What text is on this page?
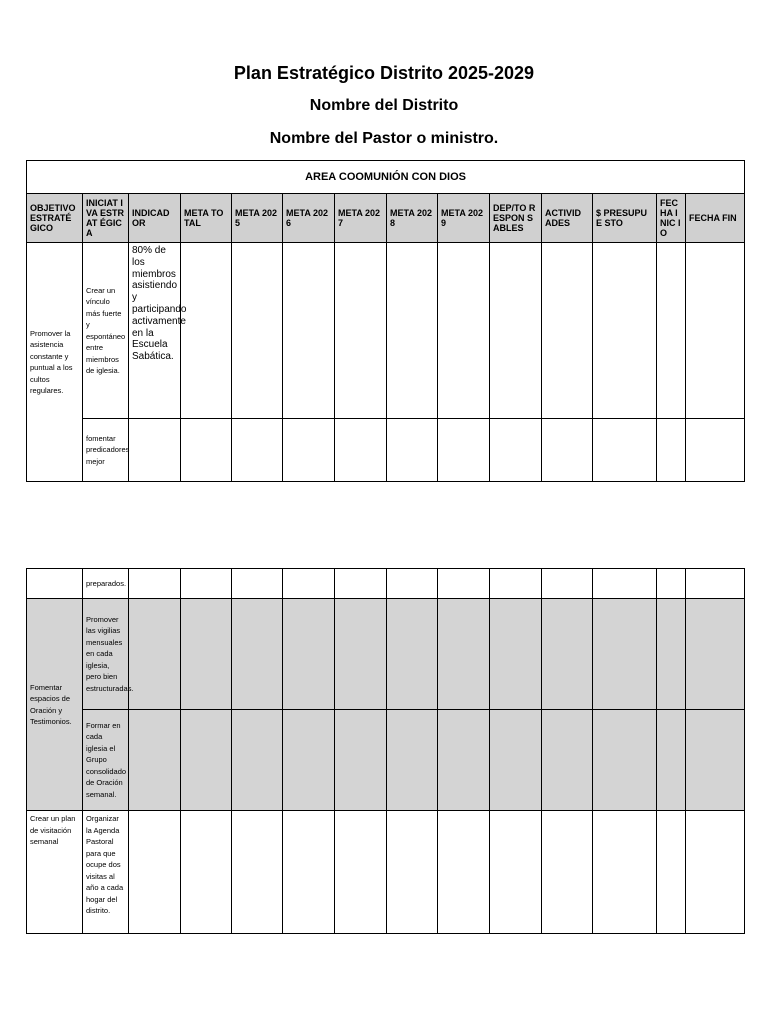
Plan Estratégico Distrito 2025-2029
Nombre del Distrito
Nombre del Pastor o ministro.
AREA COOMUNIÓN CON DIOS													
OBJETIVO ESTRATÉ GICO	INICIAT IVA ESTRAT ÉGICA	INDICAD OR	META TOTAL	META 2025	META 2026	META 2027	META 2028	META 2029	DEP/TO RESPON SABLES	ACTIVID ADES	$ PRESUPUE STO	FEC HA INIC IO	FECHA FIN
Promover la asistencia constante y puntual a los cultos regulares.	Crear un vínculo más fuerte y espontáneo entre miembros de iglesia.	80% de los miembros asistiendo y participando activamente en la Escuela Sabática.											
	fomentar predicadores mejor												
	preparados.												
Fomentar espacios de Oración y Testimonios.	Promover las vigilias mensuales en cada iglesia, pero bien estructuradas.												
	Formar en cada iglesia el Grupo consolidado de Oración semanal.												
Crear un plan de visitación semanal	Organizar la Agenda Pastoral para que ocupe dos visitas al año a cada hogar del distrito.												
